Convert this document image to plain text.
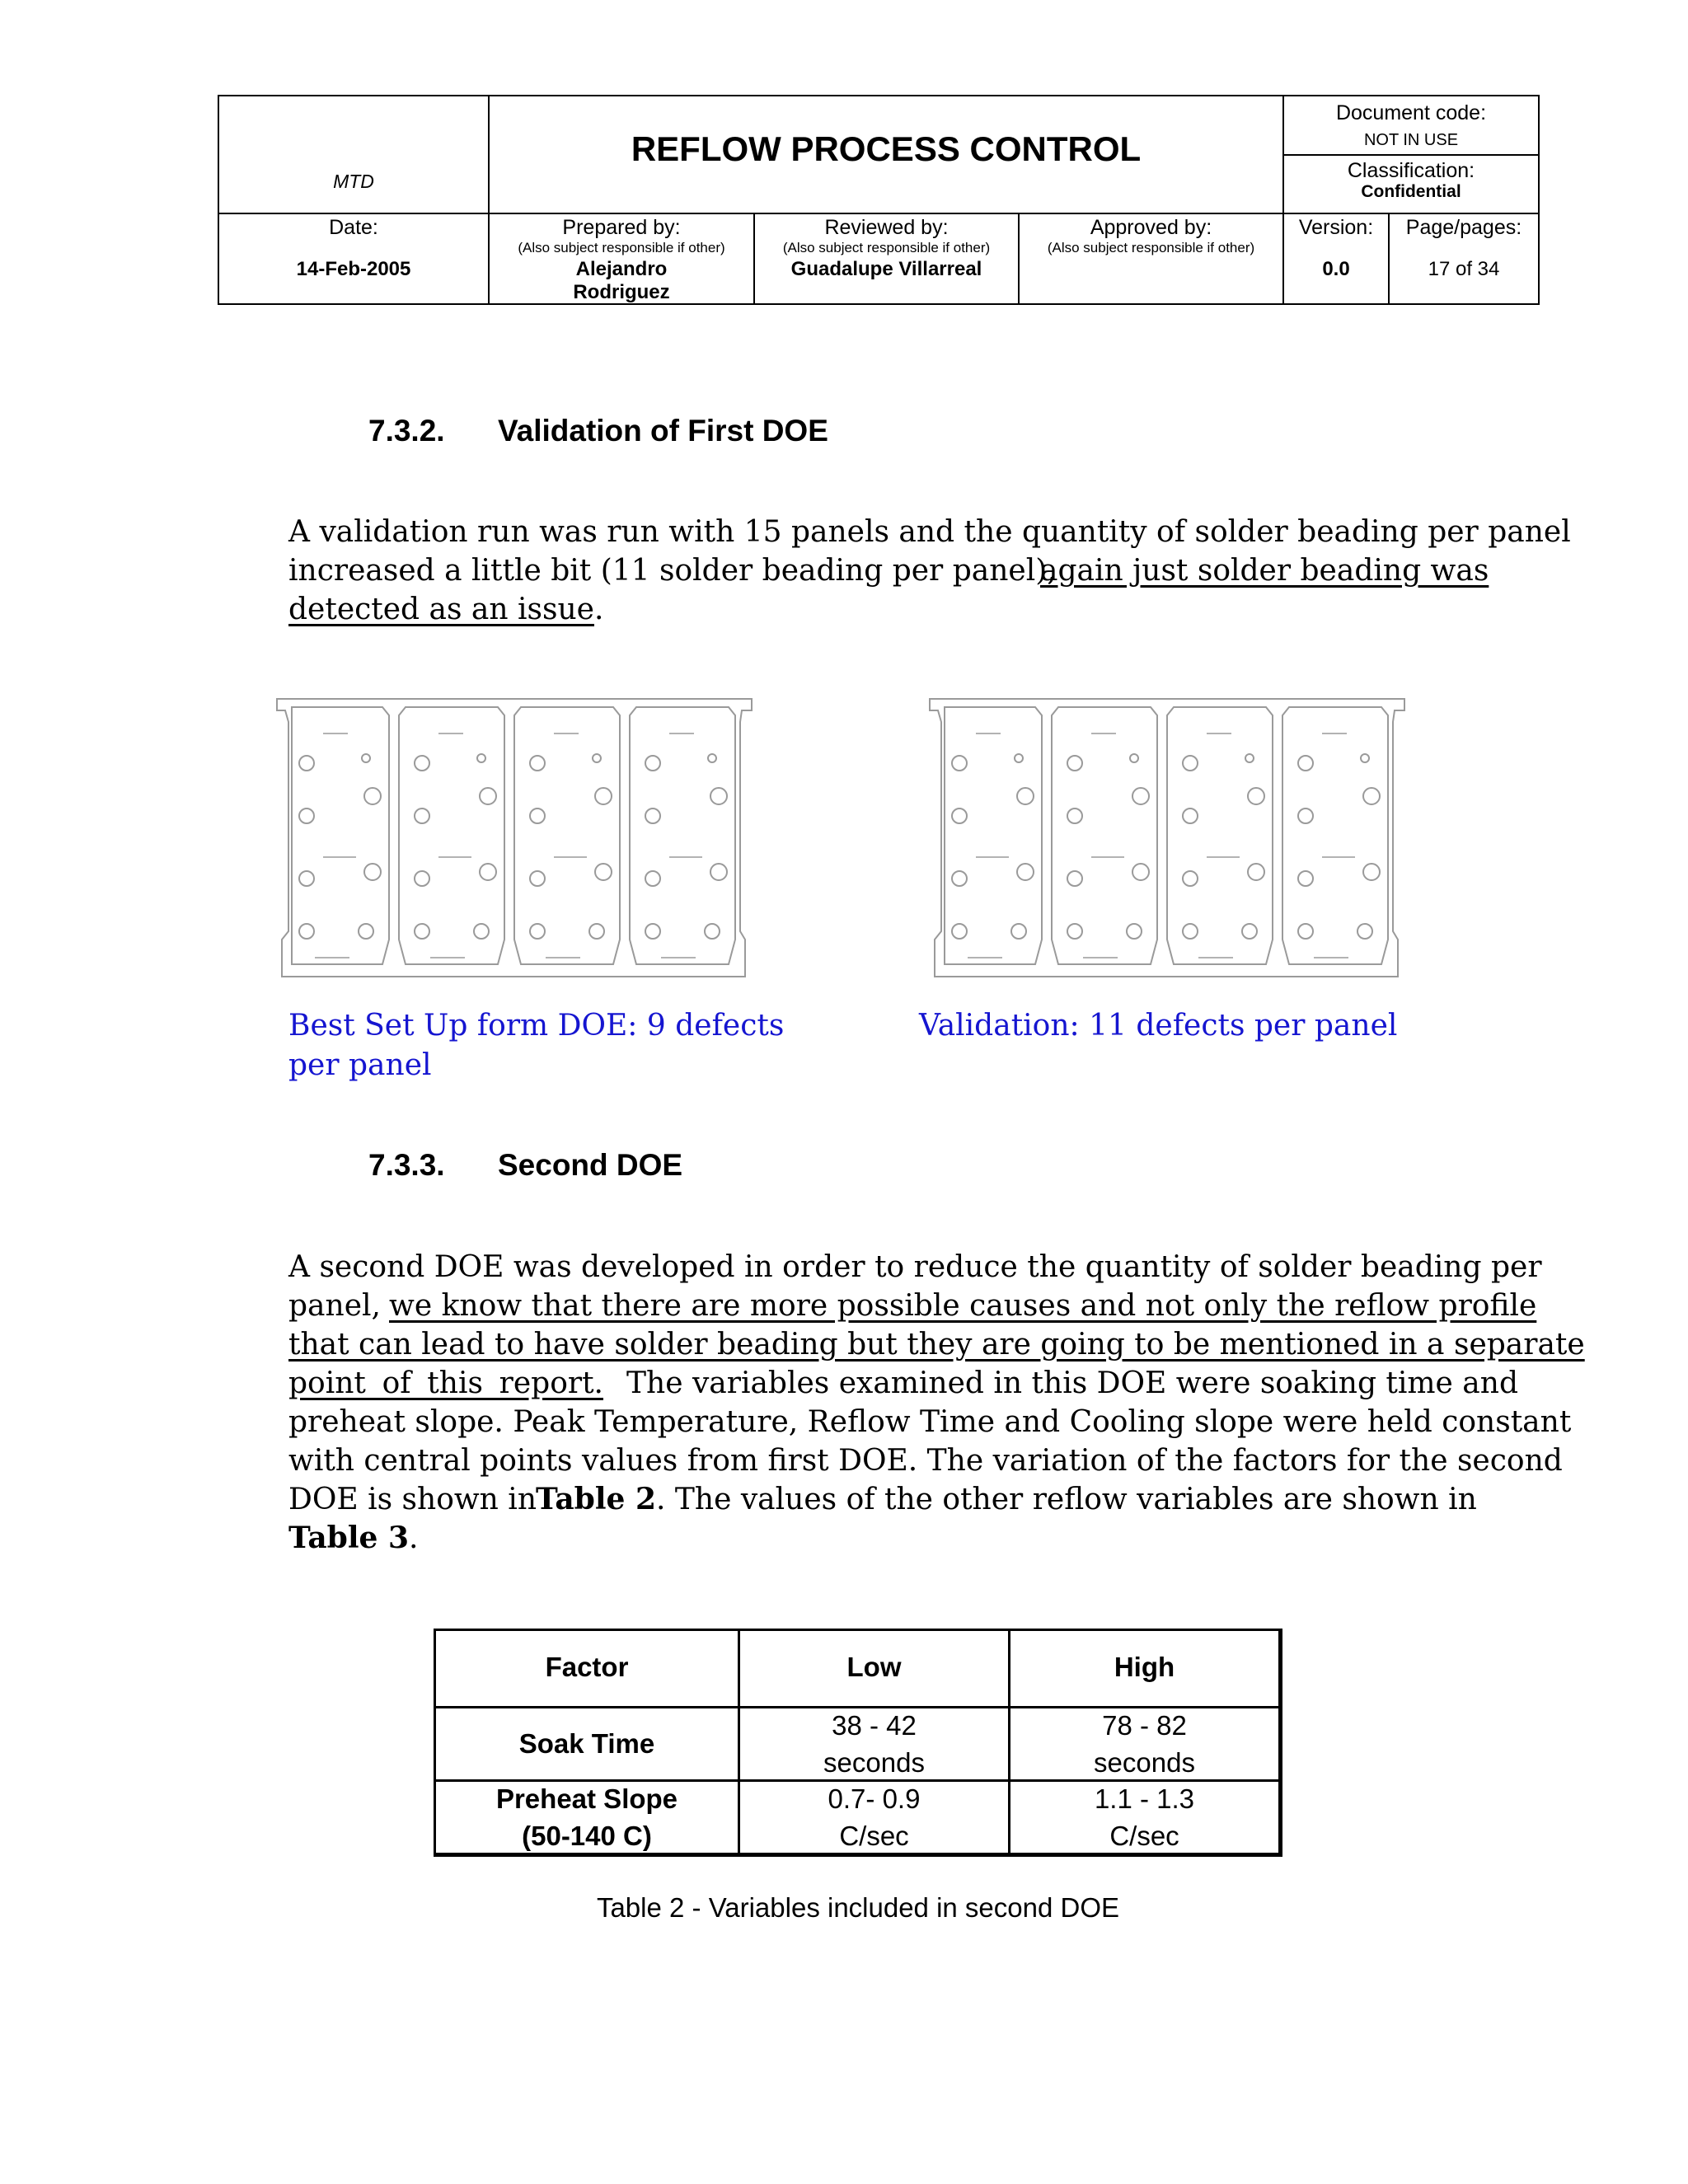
MTD
REFLOW PROCESS CONTROL
Document code:
NOT IN USE
Classification:
Confidential
Date:
14-Feb-2005
Prepared by:
(Also subject responsible if other)
Alejandro
Rodriguez
Reviewed by:
(Also subject responsible if other)
Guadalupe Villarreal
Approved by:
(Also subject responsible if other)
Version:
0.0
Page/pages:
17 of 34
7.3.2. Validation of First DOE
A validation run was run with 15 panels and the quantity of solder beading per panel
increased a little bit (11 solder beading per panel),
again just solder beading was
detected as an issue.
Best Set Up form DOE: 9 defects
per panel
Validation: 11 defects per panel
7.3.3. Second DOE
A second DOE was developed in order to reduce the quantity of solder beading per
panel, we know that there are more possible causes and not only the reflow profile
that can lead to have solder beading but they are going to be mentioned in a separate
point of this report. The variables examined in this DOE were soaking time and
preheat slope. Peak Temperature, Reflow Time and Cooling slope were held constant
with central points values from first DOE. The variation of the factors for the second
DOE is shown in
Table 2 . The values of the other reflow variables are shown in
Table 3.
Factor	Low	High
Soak Time
38 - 42
seconds
78 - 82
seconds
Preheat Slope
(50-140 C)
0.7- 0.9
C/sec
1.1 - 1.3
C/sec
Table 2 - Variables included in second DOE
